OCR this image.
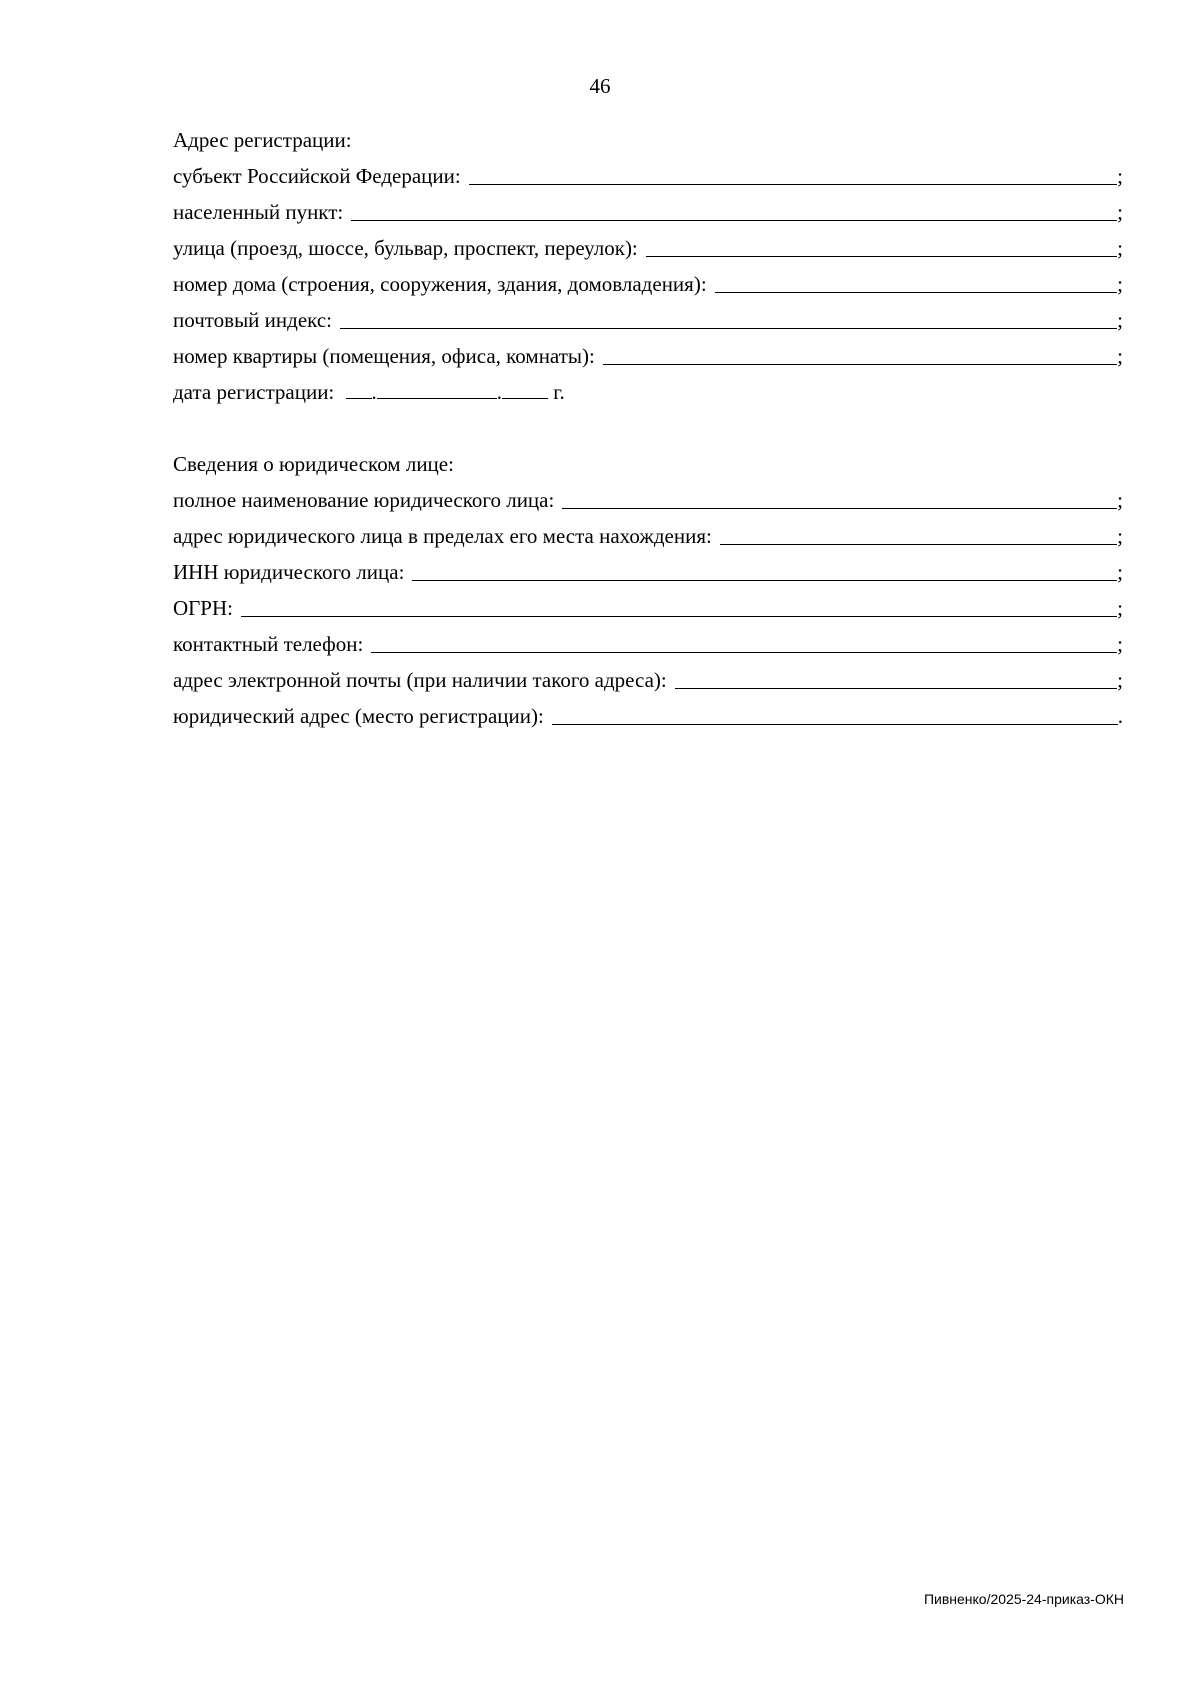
46
Адрес регистрации:
субъект Российской Федерации:	;
населенный пункт:	;
улица (проезд, шоссе, бульвар, проспект, переулок):	;
номер дома (строения, сооружения, здания, домовладения):	;
почтовый индекс:	;
номер квартиры (помещения, офиса, комнаты):	;
дата регистрации: .	. г.
Сведения о юридическом лице:
полное наименование юридического лица:	;
адрес юридического лица в пределах его места нахождения:	;
ИНН юридического лица:	;
ОГРН:	;
контактный телефон:	;
адрес электронной почты (при наличии такого адреса):	;
юридический адрес (место регистрации):	.
Пивненко/2025-24-приказ-ОКН
